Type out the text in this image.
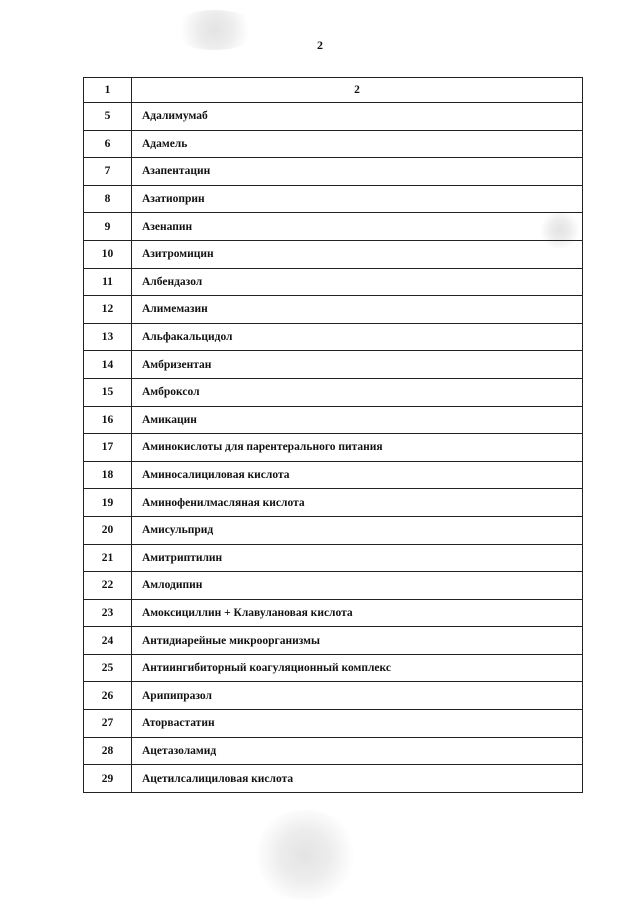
2
1	2
5	Адалимумаб
6	Адамель
7	Азапентацин
8	Азатиоприн
9	Азенапин
10	Азитромицин
11	Албендазол
12	Алимемазин
13	Альфакальцидол
14	Амбризентан
15	Амброксол
16	Амикацин
17	Аминокислоты для парентерального питания
18	Аминосалициловая кислота
19	Аминофенилмасляная кислота
20	Амисульприд
21	Амитриптилин
22	Амлодипин
23	Амоксициллин + Клавулановая кислота
24	Антидиарейные микроорганизмы
25	Антиингибиторный коагуляционный комплекс
26	Арипипразол
27	Аторвастатин
28	Ацетазоламид
29	Ацетилсалициловая кислота
